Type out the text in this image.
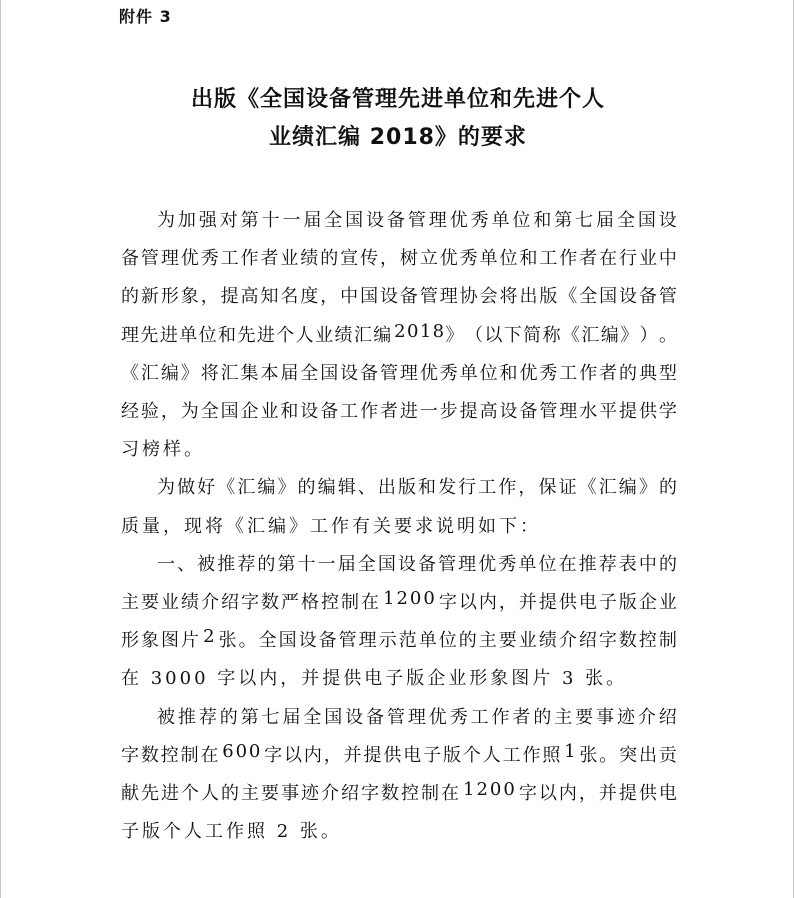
附件 3
出版《全国设备管理先进单位和先进个人
业绩汇编 2018》的要求
为 加 强 对 第 十 一 届 全 国 设 备 管 理 优 秀 单 位 和 第 七 届 全 国 设
备 管 理 优 秀 工 作 者 业 绩 的 宣 传 ， 树 立 优 秀 单 位 和 工 作 者 在 行 业 中
的 新 形 象 ， 提 高 知 名 度 ， 中 国 设 备 管 理 协 会 将 出 版 《 全 国 设 备 管
理 先 进 单 位 和 先 进 个 人 业 绩 汇 编 2 0 1 8 》 （ 以 下 简 称 《 汇 编 》 ） 。
《 汇 编 》 将 汇 集 本 届 全 国 设 备 管 理 优 秀 单 位 和 优 秀 工 作 者 的 典 型
经 验 ， 为 全 国 企 业 和 设 备 工 作 者 进 一 步 提 高 设 备 管 理 水 平 提 供 学
习榜样。
为 做 好 《 汇 编 》 的 编 辑 、 出 版 和 发 行 工 作 ， 保 证 《 汇 编 》 的
质量，现将《汇编》工作有关要求说明如下：
一 、 被 推 荐 的 第 十 一 届 全 国 设 备 管 理 优 秀 单 位 在 推 荐 表 中 的
主 要 业 绩 介 绍 字 数 严 格 控 制 在 1 2 0 0 字 以 内 ， 并 提 供 电 子 版 企 业
形 象 图 片 2 张 。 全 国 设 备 管 理 示 范 单 位 的 主 要 业 绩 介 绍 字 数 控 制
在 3000 字以内，并提供电子版企业形象图片 3 张。
被 推 荐 的 第 七 届 全 国 设 备 管 理 优 秀 工 作 者 的 主 要 事 迹 介 绍
字 数 控 制 在 6 0 0 字 以 内 ， 并 提 供 电 子 版 个 人 工 作 照 1 张 。 突 出 贡
献 先 进 个 人 的 主 要 事 迹 介 绍 字 数 控 制 在 1 2 0 0 字 以 内 ， 并 提 供 电
子版个人工作照 2 张。
